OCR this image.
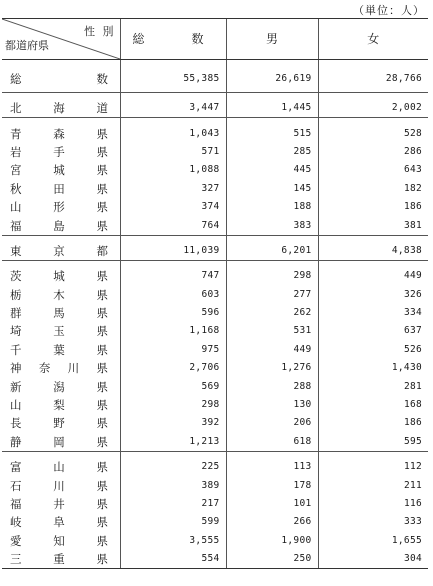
（単位：人）
性 別
都道府県	総 数	男	女

総 数	55,385	26,619	28,766

北 海 道	3,447	1,445	2,002

青 森 県	1,043	515	528

岩 手 県	571	285	286

宮 城 県	1,088	445	643

秋 田 県	327	145	182

山 形 県	374	188	186

福 島 県	764	383	381

東 京 都	11,039	6,201	4,838

茨 城 県	747	298	449

栃 木 県	603	277	326

群 馬 県	596	262	334

埼 玉 県	1,168	531	637

千 葉 県	975	449	526

神 奈 川 県	2,706	1,276	1,430

新 潟 県	569	288	281

山 梨 県	298	130	168

長 野 県	392	206	186

静 岡 県	1,213	618	595

富 山 県	225	113	112

石 川 県	389	178	211

福 井 県	217	101	116

岐 阜 県	599	266	333

愛 知 県	3,555	1,900	1,655

三 重 県	554	250	304
